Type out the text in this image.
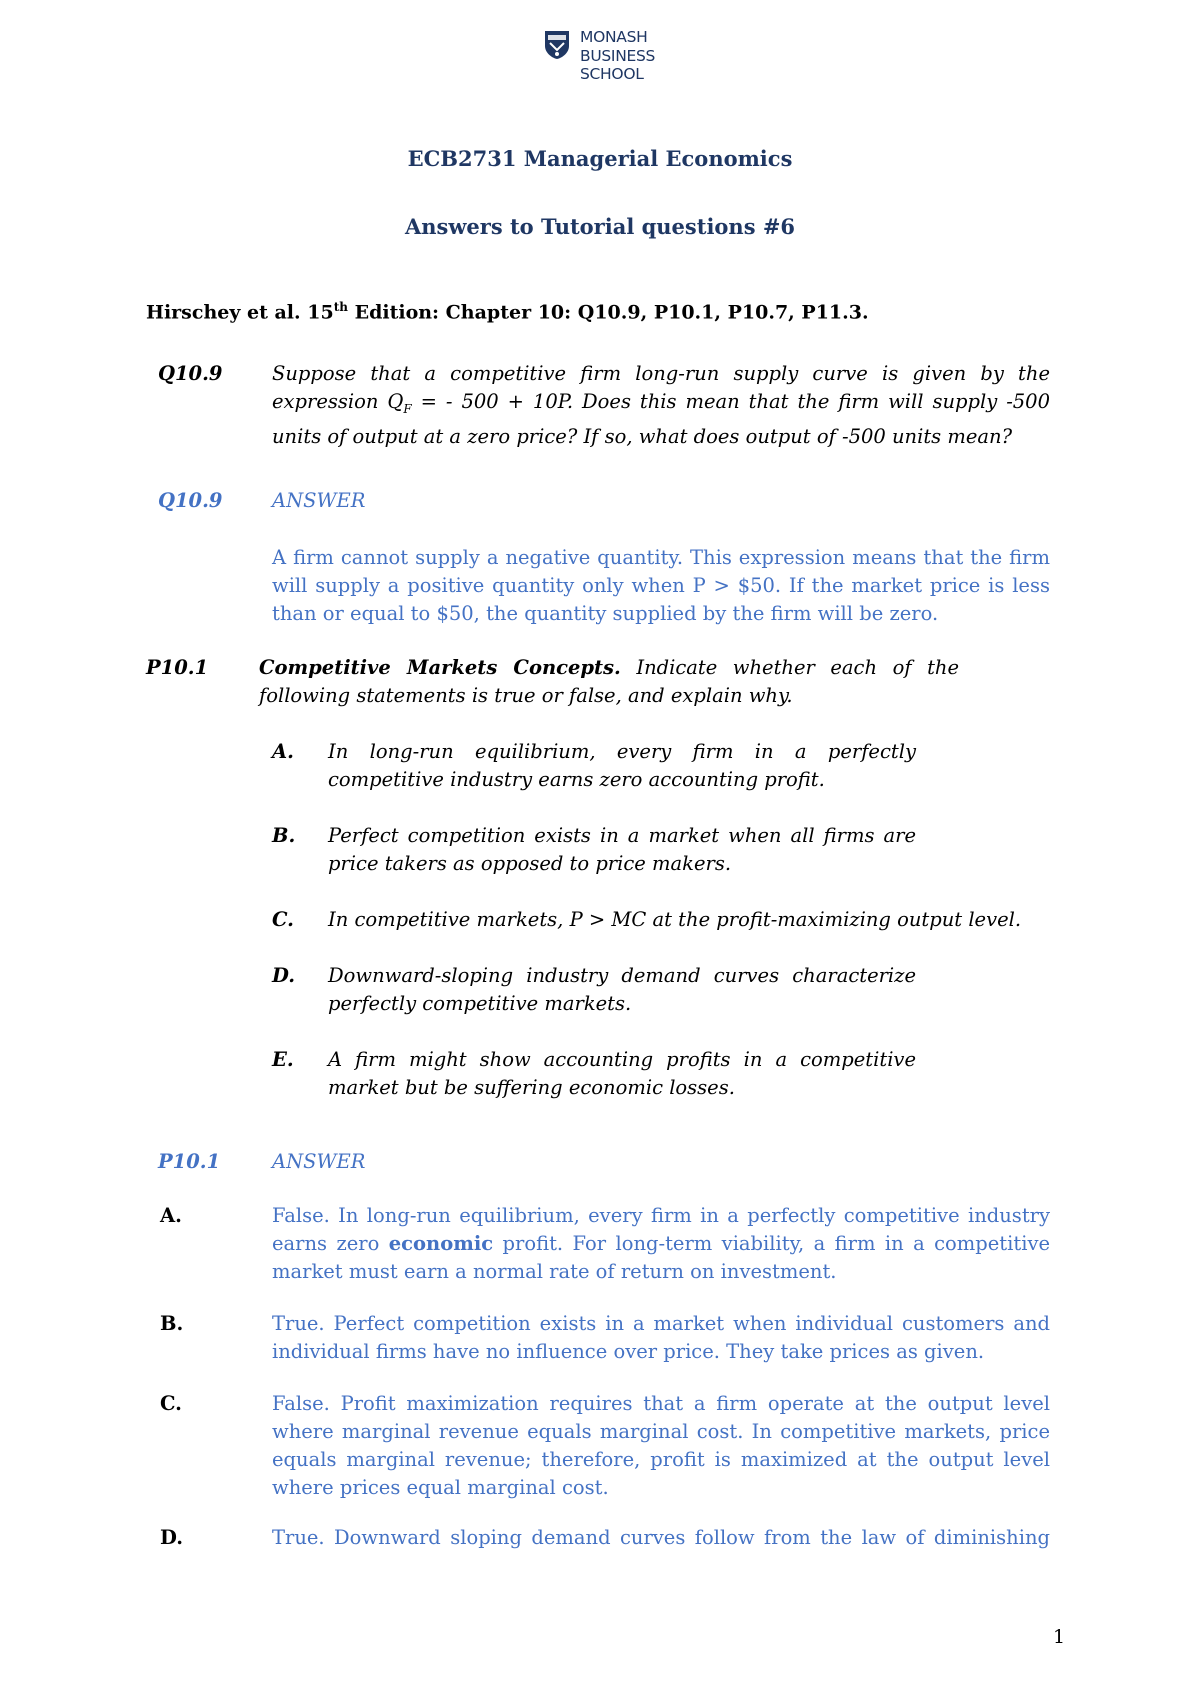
MONASH
BUSINESS
SCHOOL
ECB2731 Managerial Economics
Answers to Tutorial questions #6
Hirschey et al. 15th Edition: Chapter 10: Q10.9, P10.1, P10.7, P11.3.
Q10.9	Suppose that a competitive firm long-run supply curve is given by the
expression $Q_F$ = - 500 + 10P. Does this mean that the firm will supply -500
units of output at a zero price? If so, what does output of -500 units mean?
Q10.9	ANSWER
A firm cannot supply a negative quantity. This expression means that the firm will supply a positive quantity only when P > $50. If the market price is less than or equal to $50, the quantity supplied by the firm will be zero.
P10.1	Competitive Markets Concepts. Indicate whether each of the following statements is true or false, and explain why.
A. In long-run equilibrium, every firm in a perfectly competitive industry earns zero accounting profit.
B. Perfect competition exists in a market when all firms are price takers as opposed to price makers.
C. In competitive markets, P > MC at the profit-maximizing output level.
D. Downward-sloping industry demand curves characterize perfectly competitive markets.
E. A firm might show accounting profits in a competitive market but be suffering economic losses.
P10.1	ANSWER
A.	False. In long-run equilibrium, every firm in a perfectly competitive industry earns zero economic profit. For long-term viability, a firm in a competitive market must earn a normal rate of return on investment.
B.	True. Perfect competition exists in a market when individual customers and individual firms have no influence over price. They take prices as given.
C.	False. Profit maximization requires that a firm operate at the output level where marginal revenue equals marginal cost. In competitive markets, price equals marginal revenue; therefore, profit is maximized at the output level where prices equal marginal cost.
D.	True. Downward sloping demand curves follow from the law of diminishing
1
